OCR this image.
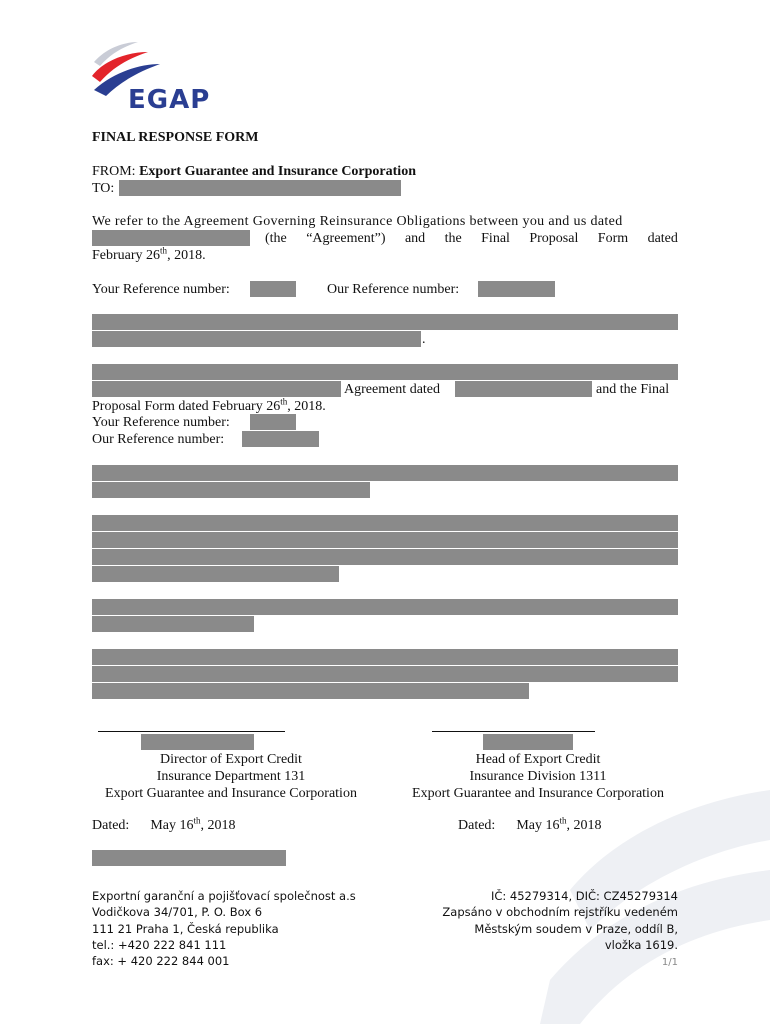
EGAP
FINAL RESPONSE FORM
FROM: Export Guarantee and Insurance Corporation
TO:
We refer to the Agreement Governing Reinsurance Obligations between you and us dated
(the “Agreement”) and the Final Proposal Form dated
February 26th, 2018.
Your Reference number:	Our Reference number:
.
Agreement dated	and the Final
Proposal Form dated February 26th, 2018.
Your Reference number:
Our Reference number:
Director of Export Credit
Insurance Department 131
Export Guarantee and Insurance Corporation
Head of Export Credit
Insurance Division 1311
Export Guarantee and Insurance Corporation
Dated: May 16th, 2018	Dated: May 16th, 2018
Exportní garanční a pojišťovací společnost a.s
Vodičkova 34/701, P. O. Box 6
111 21 Praha 1, Česká republika
tel.: +420 222 841 111
fax: + 420 222 844 001
IČ: 45279314, DIČ: CZ45279314
Zapsáno v obchodním rejstříku vedeném
Městským soudem v Praze, oddíl B,
vložka 1619.
1/1
